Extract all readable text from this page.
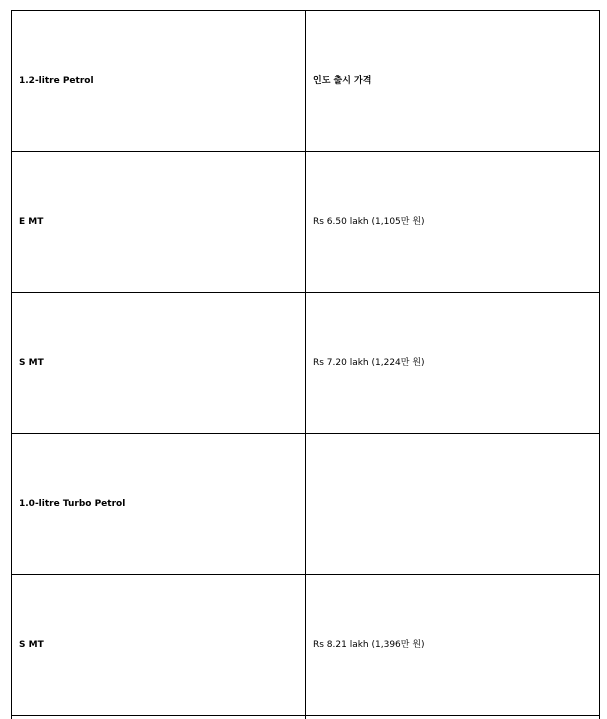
1.2-litre Petrol	인도 출시 가격
E MT	Rs 6.50 lakh (1,105만 원)
S MT	Rs 7.20 lakh (1,224만 원)
1.0-litre Turbo Petrol	
S MT	Rs 8.21 lakh (1,396만 원)
